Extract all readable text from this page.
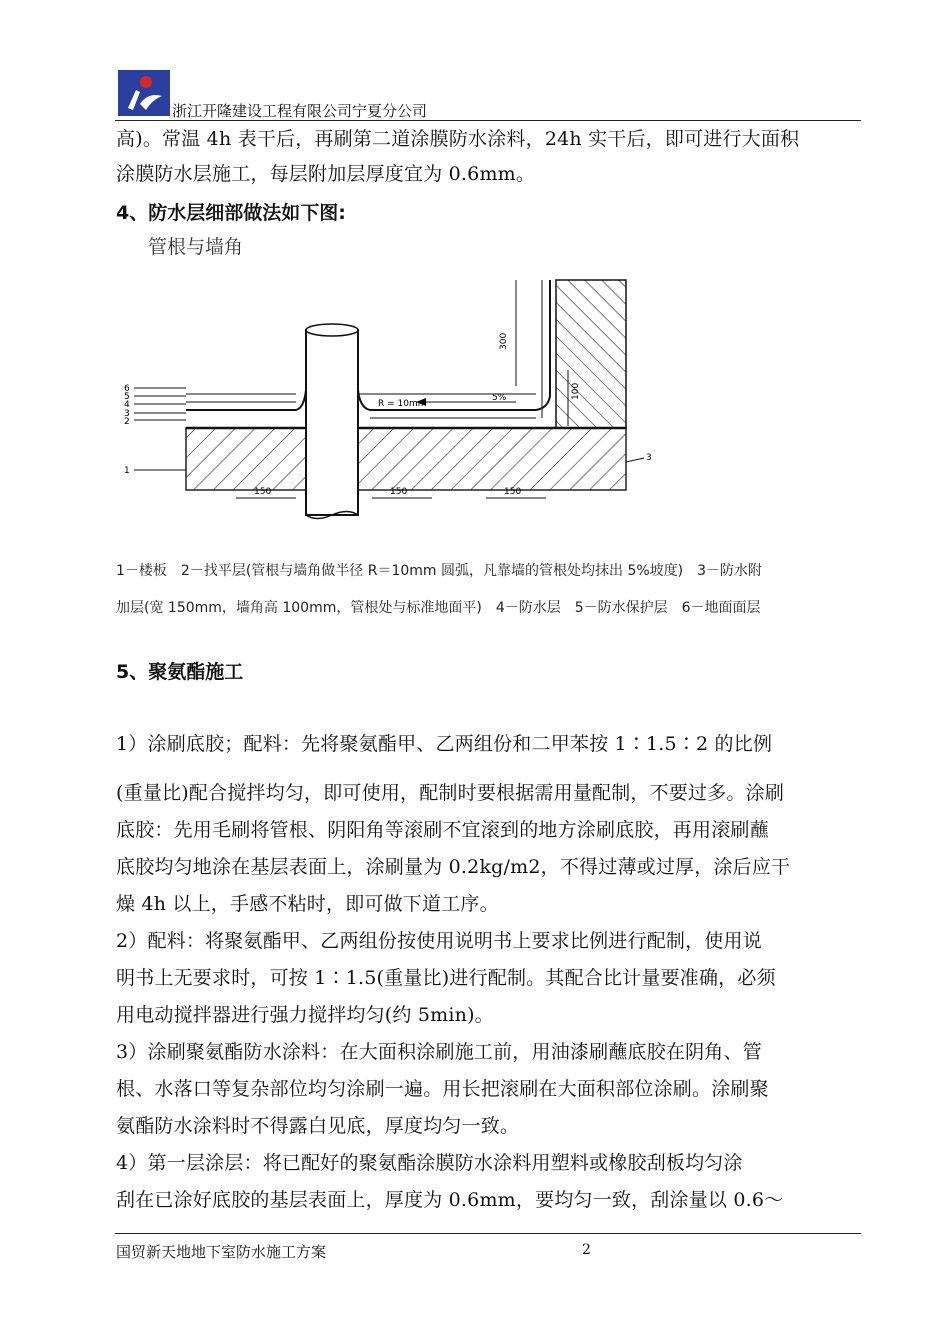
浙江开隆建设工程有限公司宁夏分公司
高)。常温 4h 表干后，再刷第二道涂膜防水涂料，24h 实干后，即可进行大面积
涂膜防水层施工，每层附加层厚度宜为 0.6mm。
4、防水层细部做法如下图:
管根与墙角
6
5
4
3
2
1
3
150	150	150
300
100
R = 10mm
5%
1－楼板　2－找平层(管根与墙角做半径 R＝10mm 圆弧，凡靠墙的管根处均抹出 5%坡度)　3－防水附
加层(宽 150mm，墙角高 100mm，管根处与标准地面平)　4－防水层　5－防水保护层　6－地面面层
5、聚氨酯施工
1）涂刷底胶；配料：先将聚氨酯甲、乙两组份和二甲苯按 1∶1.5∶2 的比例
(重量比)配合搅拌均匀，即可使用，配制时要根据需用量配制，不要过多。涂刷
底胶：先用毛刷将管根、阴阳角等滚刷不宜滚到的地方涂刷底胶，再用滚刷蘸
底胶均匀地涂在基层表面上，涂刷量为 0.2kg/m2，不得过薄或过厚，涂后应干
燥 4h 以上，手感不粘时，即可做下道工序。
2）配料：将聚氨酯甲、乙两组份按使用说明书上要求比例进行配制，使用说
明书上无要求时，可按 1∶1.5(重量比)进行配制。其配合比计量要准确，必须
用电动搅拌器进行强力搅拌均匀(约 5min)。
3）涂刷聚氨酯防水涂料：在大面积涂刷施工前，用油漆刷蘸底胶在阴角、管
根、水落口等复杂部位均匀涂刷一遍。用长把滚刷在大面积部位涂刷。涂刷聚
氨酯防水涂料时不得露白见底，厚度均匀一致。
4）第一层涂层：将已配好的聚氨酯涂膜防水涂料用塑料或橡胶刮板均匀涂
刮在已涂好底胶的基层表面上，厚度为 0.6mm，要均匀一致，刮涂量以 0.6～
国贸新天地地下室防水施工方案	2
